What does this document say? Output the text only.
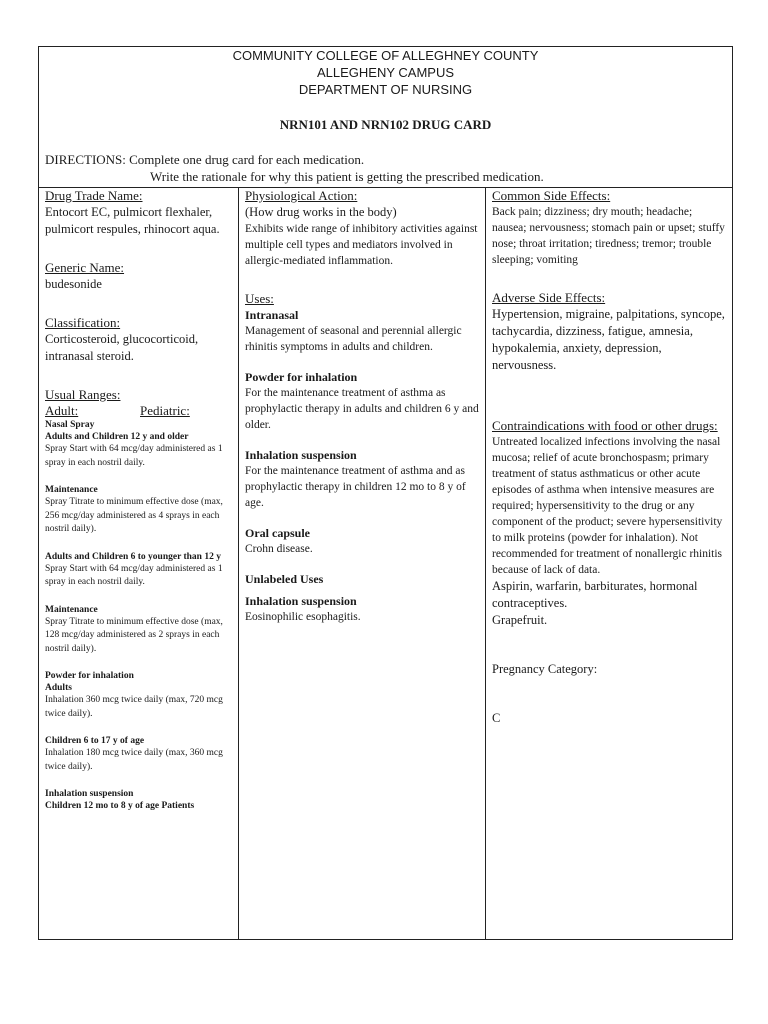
COMMUNITY COLLEGE OF ALLEGHNEY COUNTY
ALLEGHENY CAMPUS
DEPARTMENT OF NURSING
NRN101 AND NRN102 DRUG CARD
DIRECTIONS: Complete one drug card for each medication.
Write the rationale for why this patient is getting the prescribed medication.
Drug Trade Name:
Entocort EC, pulmicort flexhaler, pulmicort respules, rhinocort aqua.
Generic Name:
budesonide
Classification:
Corticosteroid, glucocorticoid, intranasal steroid.
Usual Ranges:
Adult:	Pediatric:
Nasal Spray
Adults and Children 12 y and older
Spray Start with 64 mcg/day administered as 1 spray in each nostril daily.
Maintenance
Spray Titrate to minimum effective dose (max, 256 mcg/day administered as 4 sprays in each nostril daily).
Adults and Children 6 to younger than 12 y
Spray Start with 64 mcg/day administered as 1 spray in each nostril daily.
Maintenance
Spray Titrate to minimum effective dose (max, 128 mcg/day administered as 2 sprays in each nostril daily).
Powder for inhalation
Adults
Inhalation 360 mcg twice daily (max, 720 mcg twice daily).
Children 6 to 17 y of age
Inhalation 180 mcg twice daily (max, 360 mcg twice daily).
Inhalation suspension
Children 12 mo to 8 y of age Patients
Physiological Action:
(How drug works in the body)
Exhibits wide range of inhibitory activities against multiple cell types and mediators involved in allergic-mediated inflammation.
Uses:
Intranasal
Management of seasonal and perennial allergic rhinitis symptoms in adults and children.
Powder for inhalation
For the maintenance treatment of asthma as prophylactic therapy in adults and children 6 y and older.
Inhalation suspension
For the maintenance treatment of asthma and as prophylactic therapy in children 12 mo to 8 y of age.
Oral capsule
Crohn disease.
Unlabeled Uses
Inhalation suspension
Eosinophilic esophagitis.
Common Side Effects:
Back pain; dizziness; dry mouth; headache; nausea; nervousness; stomach pain or upset; stuffy nose; throat irritation; tiredness; tremor; trouble sleeping; vomiting
Adverse Side Effects:
Hypertension, migraine, palpitations, syncope, tachycardia, dizziness, fatigue, amnesia, hypokalemia, anxiety, depression, nervousness.
Contraindications with food or other drugs:
Untreated localized infections involving the nasal mucosa; relief of acute bronchospasm; primary treatment of status asthmaticus or other acute episodes of asthma when intensive measures are required; hypersensitivity to the drug or any component of the product; severe hypersensitivity to milk proteins (powder for inhalation). Not recommended for treatment of nonallergic rhinitis because of lack of data.
Aspirin, warfarin, barbiturates, hormonal contraceptives.
Grapefruit.
Pregnancy Category:
C
